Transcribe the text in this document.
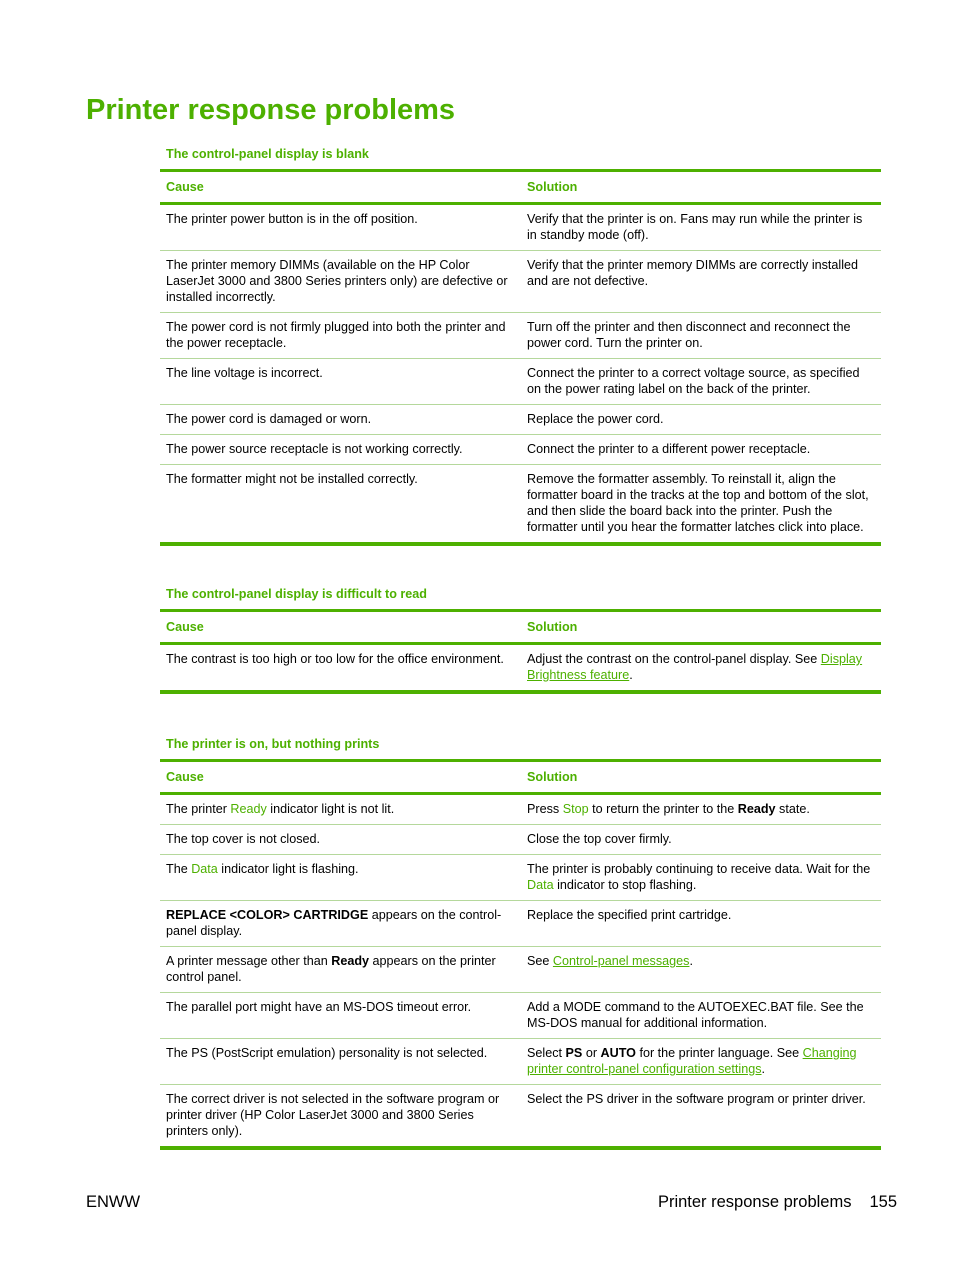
Printer response problems
The control-panel display is blank
Cause	Solution
The printer power button is in the off position.	Verify that the printer is on. Fans may run while the printer is in standby mode (off).
The printer memory DIMMs (available on the HP Color LaserJet 3000 and 3800 Series printers only) are defective or installed incorrectly.	Verify that the printer memory DIMMs are correctly installed and are not defective.
The power cord is not firmly plugged into both the printer and the power receptacle.	Turn off the printer and then disconnect and reconnect the power cord. Turn the printer on.
The line voltage is incorrect.	Connect the printer to a correct voltage source, as specified on the power rating label on the back of the printer.
The power cord is damaged or worn.	Replace the power cord.
The power source receptacle is not working correctly.	Connect the printer to a different power receptacle.
The formatter might not be installed correctly.	Remove the formatter assembly. To reinstall it, align the formatter board in the tracks at the top and bottom of the slot, and then slide the board back into the printer. Push the formatter until you hear the formatter latches click into place.
The control-panel display is difficult to read
Cause	Solution
The contrast is too high or too low for the office environment.	Adjust the contrast on the control-panel display. See Display Brightness feature.
The printer is on, but nothing prints
Cause	Solution
The printer Ready indicator light is not lit.	Press Stop to return the printer to the Ready state.
The top cover is not closed.	Close the top cover firmly.
The Data indicator light is flashing.	The printer is probably continuing to receive data. Wait for the Data indicator to stop flashing.
REPLACE <COLOR> CARTRIDGE appears on the control-panel display.	Replace the specified print cartridge.
A printer message other than Ready appears on the printer control panel.	See Control-panel messages.
The parallel port might have an MS-DOS timeout error.	Add a MODE command to the AUTOEXEC.BAT file. See the MS-DOS manual for additional information.
The PS (PostScript emulation) personality is not selected.	Select PS or AUTO for the printer language. See Changing printer control-panel configuration settings.
The correct driver is not selected in the software program or printer driver (HP Color LaserJet 3000 and 3800 Series printers only).	Select the PS driver in the software program or printer driver.
ENWW	Printer response problems 155
